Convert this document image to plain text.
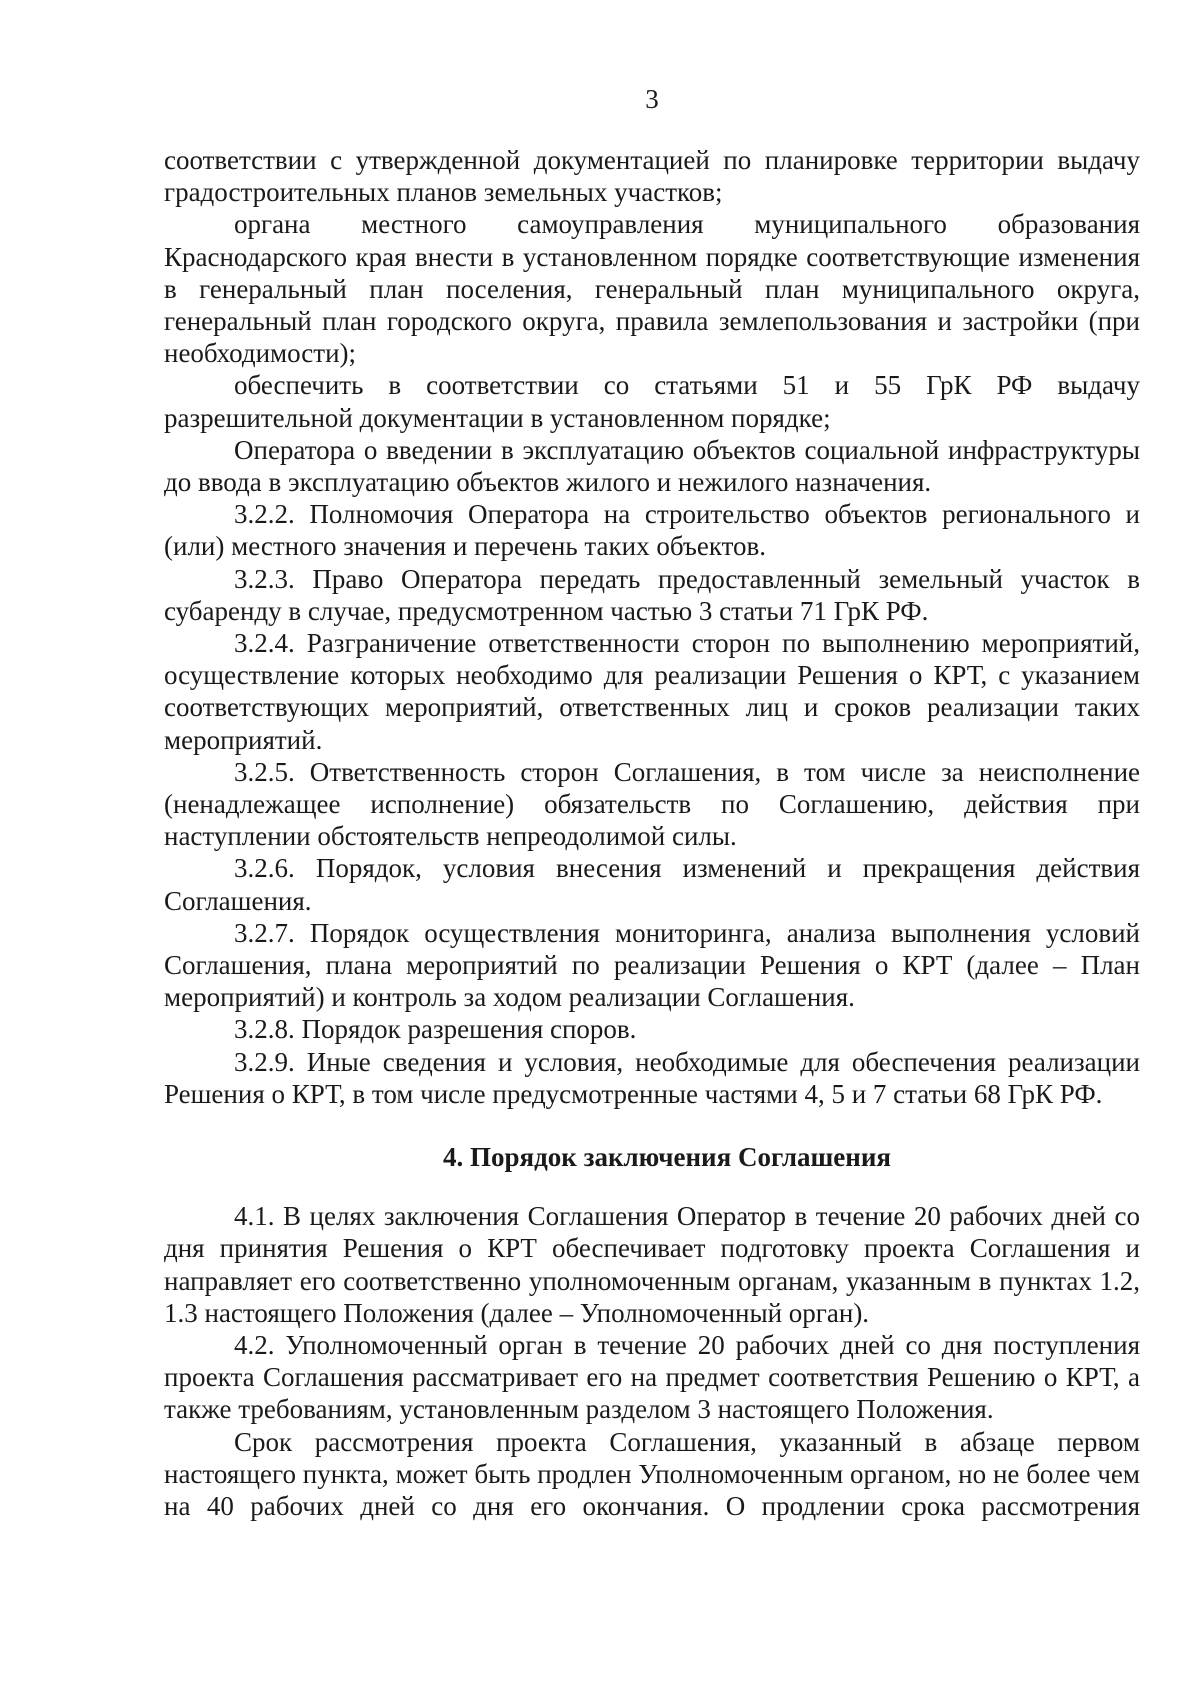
3

соответствии с утвержденной документацией по планировке территории выдачу градостроительных планов земельных участков;

органа местного самоуправления муниципального образования Краснодарского края внести в установленном порядке соответствующие изменения в генеральный план поселения, генеральный план муниципального округа, генеральный план городского округа, правила землепользования и застройки (при необходимости);

обеспечить в соответствии со статьями 51 и 55 ГрК РФ выдачу разрешительной документации в установленном порядке;

Оператора о введении в эксплуатацию объектов социальной инфраструктуры до ввода в эксплуатацию объектов жилого и нежилого назначения.

3.2.2. Полномочия Оператора на строительство объектов регионального и (или) местного значения и перечень таких объектов.

3.2.3. Право Оператора передать предоставленный земельный участок в субаренду в случае, предусмотренном частью 3 статьи 71 ГрК РФ.

3.2.4. Разграничение ответственности сторон по выполнению мероприятий, осуществление которых необходимо для реализации Решения о КРТ, с указанием соответствующих мероприятий, ответственных лиц и сроков реализации таких мероприятий.

3.2.5. Ответственность сторон Соглашения, в том числе за неисполнение (ненадлежащее исполнение) обязательств по Соглашению, действия при наступлении обстоятельств непреодолимой силы.

3.2.6. Порядок, условия внесения изменений и прекращения действия Соглашения.

3.2.7. Порядок осуществления мониторинга, анализа выполнения условий Соглашения, плана мероприятий по реализации Решения о КРТ (далее – План мероприятий) и контроль за ходом реализации Соглашения.

3.2.8. Порядок разрешения споров.

3.2.9. Иные сведения и условия, необходимые для обеспечения реализации Решения о КРТ, в том числе предусмотренные частями 4, 5 и 7 статьи 68 ГрК РФ.

4. Порядок заключения Соглашения

4.1. В целях заключения Соглашения Оператор в течение 20 рабочих дней со дня принятия Решения о КРТ обеспечивает подготовку проекта Соглашения и направляет его соответственно уполномоченным органам, указанным в пунктах 1.2, 1.3 настоящего Положения (далее – Уполномоченный орган).

4.2. Уполномоченный орган в течение 20 рабочих дней со дня поступления проекта Соглашения рассматривает его на предмет соответствия Решению о КРТ, а также требованиям, установленным разделом 3 настоящего Положения.

Срок рассмотрения проекта Соглашения, указанный в абзаце первом настоящего пункта, может быть продлен Уполномоченным органом, но не более чем на 40 рабочих дней со дня его окончания. О продлении срока рассмотрения
